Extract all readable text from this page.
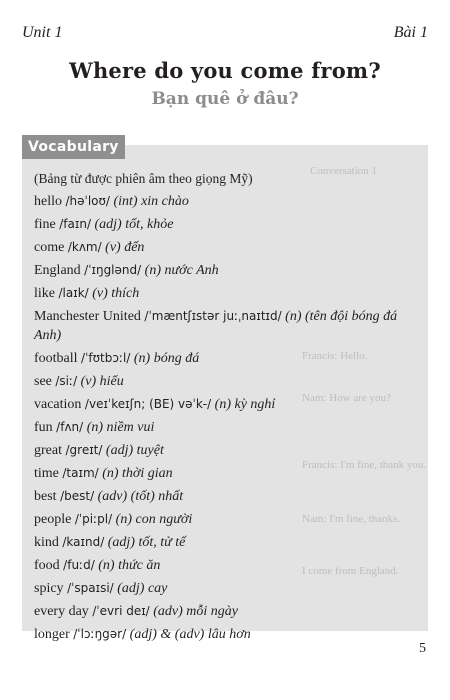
Unit 1	Bài 1
Where do you come from?
Bạn quê ở đâu?
Conversation 1
Francis: Hello.
Nam: How are you?
Francis: I'm fine, thank you.
Nam: I'm fine, thanks.
I come from England.
Vocabulary
(Bảng từ được phiên âm theo giọng Mỹ)
hello /həˈloʊ/ (int) xin chào
fine /faɪn/ (adj) tốt, khỏe
come /kʌm/ (v) đến
England /ˈɪŋglənd/ (n) nước Anh
like /laɪk/ (v) thích
Manchester United /ˈmæntʃɪstər juːˌnaɪtɪd/ (n) (tên đội bóng đá Anh)
football /ˈfʊtbɔːl/ (n) bóng đá
see /siː/ (v) hiểu
vacation /veɪˈkeɪʃn; (BE) vəˈk-/ (n) kỳ nghỉ
fun /fʌn/ (n) niềm vui
great /greɪt/ (adj) tuyệt
time /taɪm/ (n) thời gian
best /best/ (adv) (tốt) nhất
people /ˈpiːpl/ (n) con người
kind /kaɪnd/ (adj) tốt, tử tế
food /fuːd/ (n) thức ăn
spicy /ˈspaɪsi/ (adj) cay
every day /ˈevri deɪ/ (adv) mỗi ngày
longer /ˈlɔːŋgər/ (adj) & (adv) lâu hơn
5
